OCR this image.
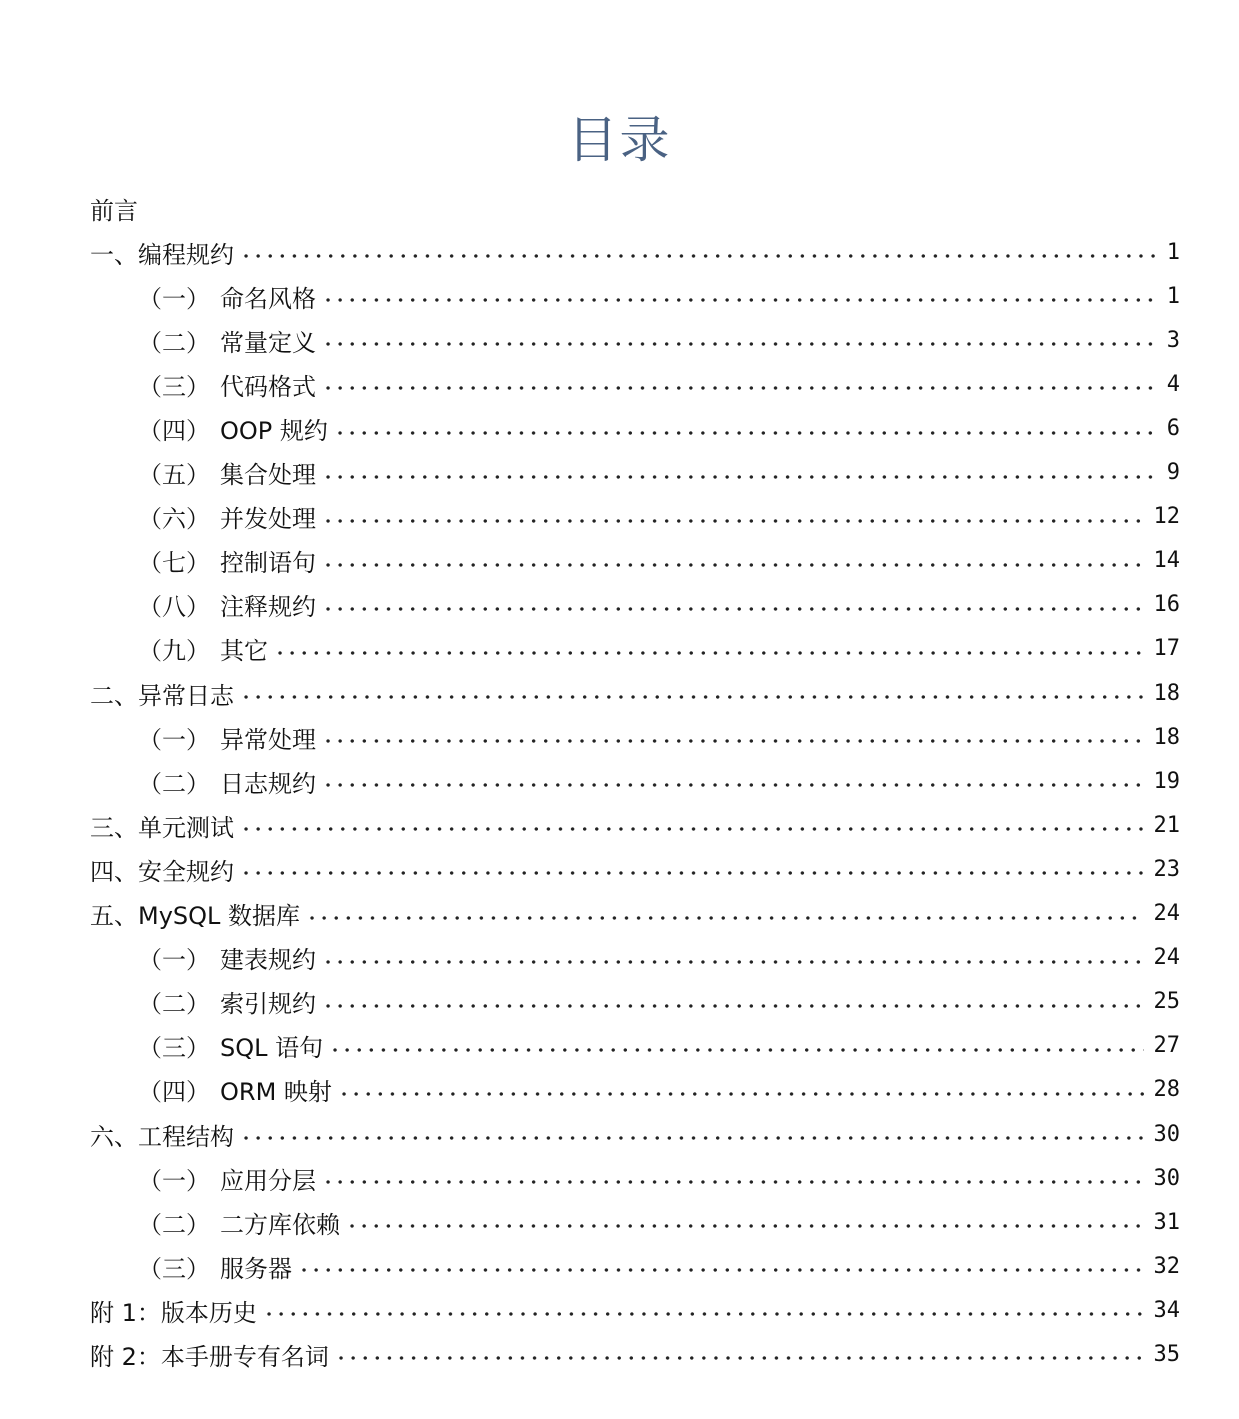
目录
前言
一、 编程规约	1
（一） 命名风格	1
（二） 常量定义	3
（三） 代码格式	4
（四） OOP 规约	6
（五） 集合处理	9
（六） 并发处理	12
（七） 控制语句	14
（八） 注释规约	16
（九） 其它	17
二、 异常日志	18
（一） 异常处理	18
（二） 日志规约	19
三、 单元测试	21
四、 安全规约	23
五、 MySQL 数据库	24
（一） 建表规约	24
（二） 索引规约	25
（三） SQL 语句	27
（四） ORM 映射	28
六、 工程结构	30
（一） 应用分层	30
（二） 二方库依赖	31
（三） 服务器	32
附 1： 版本历史	34
附 2： 本手册专有名词	35
